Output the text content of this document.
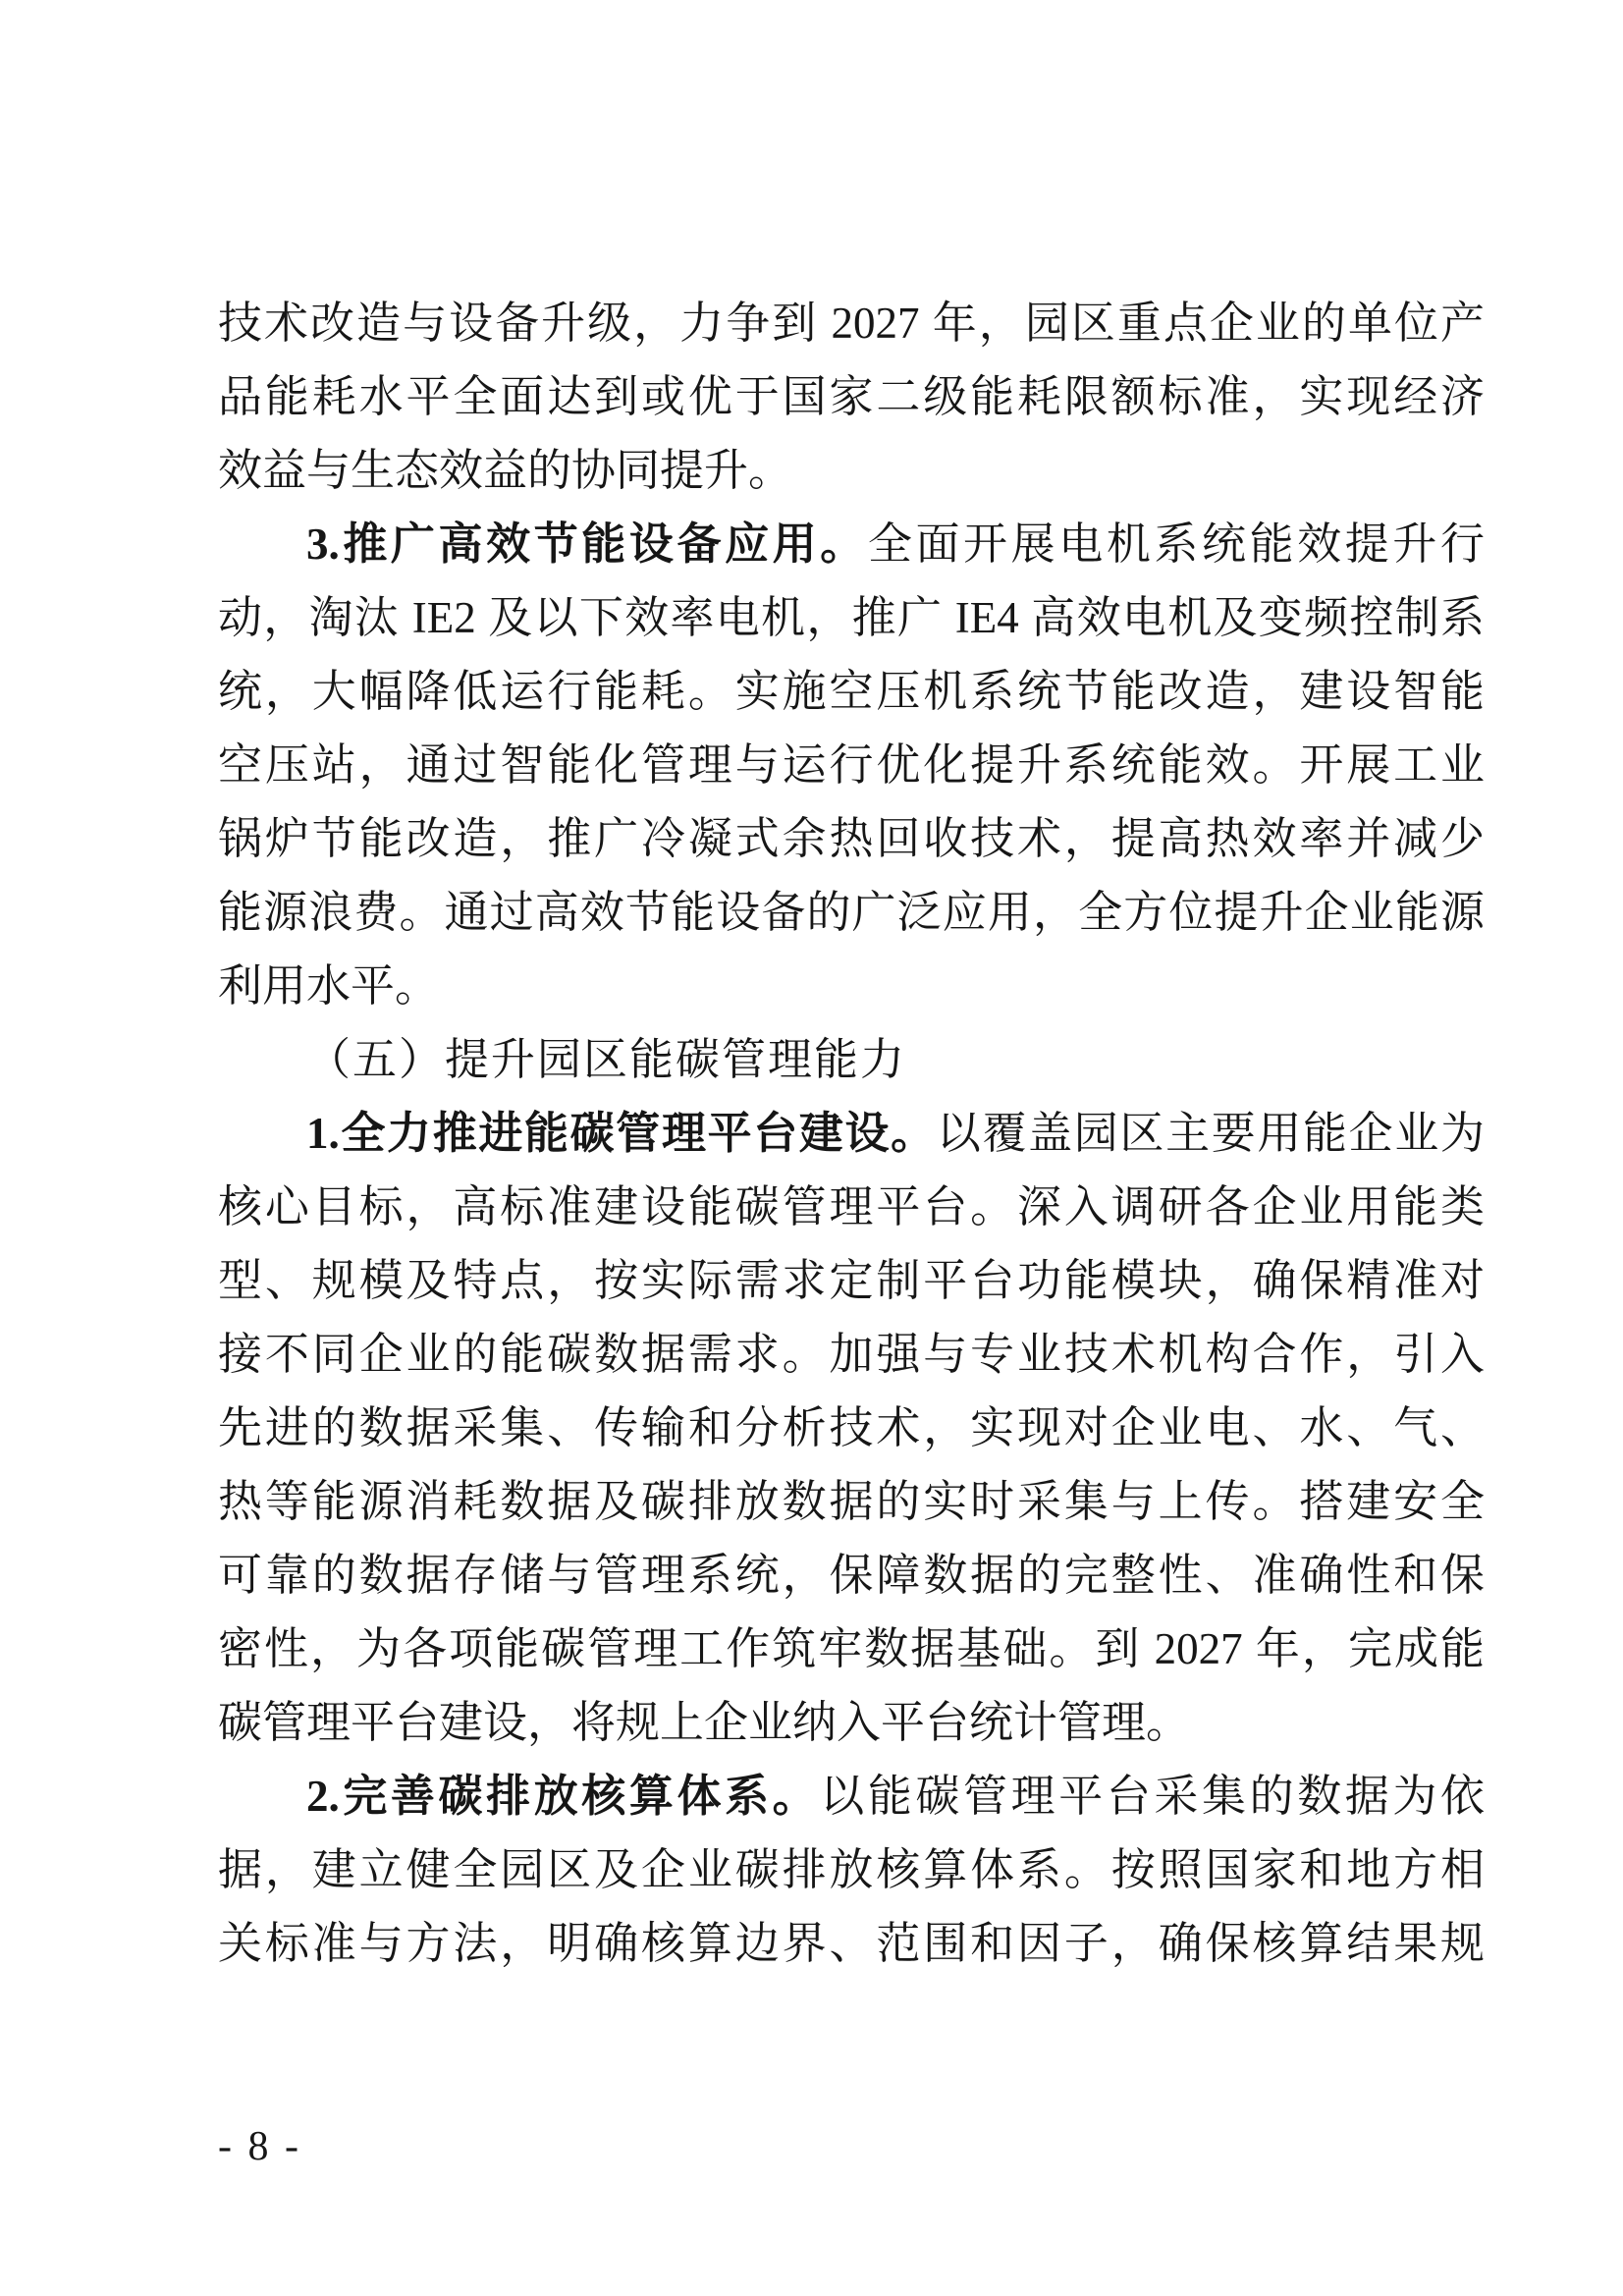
技术改造与设备升级，力争到 2027 年，园区重点企业的单位产
品能耗水平全面达到或优于国家二级能耗限额标准，实现经济
效益与生态效益的协同提升。
3.推广高效节能设备应用。全面开展电机系统能效提升行
动，淘汰 IE2 及以下效率电机，推广 IE4 高效电机及变频控制系
统，大幅降低运行能耗。实施空压机系统节能改造，建设智能
空压站，通过智能化管理与运行优化提升系统能效。开展工业
锅炉节能改造，推广冷凝式余热回收技术，提高热效率并减少
能源浪费。通过高效节能设备的广泛应用，全方位提升企业能源
利用水平。
（五）提升园区能碳管理能力
1.全力推进能碳管理平台建设。以覆盖园区主要用能企业为
核心目标，高标准建设能碳管理平台。深入调研各企业用能类
型、规模及特点，按实际需求定制平台功能模块，确保精准对
接不同企业的能碳数据需求。加强与专业技术机构合作，引入
先进的数据采集、传输和分析技术，实现对企业电、水、气、
热等能源消耗数据及碳排放数据的实时采集与上传。搭建安全
可靠的数据存储与管理系统，保障数据的完整性、准确性和保
密性，为各项能碳管理工作筑牢数据基础。到 2027 年，完成能
碳管理平台建设，将规上企业纳入平台统计管理。
2.完善碳排放核算体系。以能碳管理平台采集的数据为依
据，建立健全园区及企业碳排放核算体系。按照国家和地方相
关标准与方法，明确核算边界、范围和因子，确保核算结果规
- 8 -
